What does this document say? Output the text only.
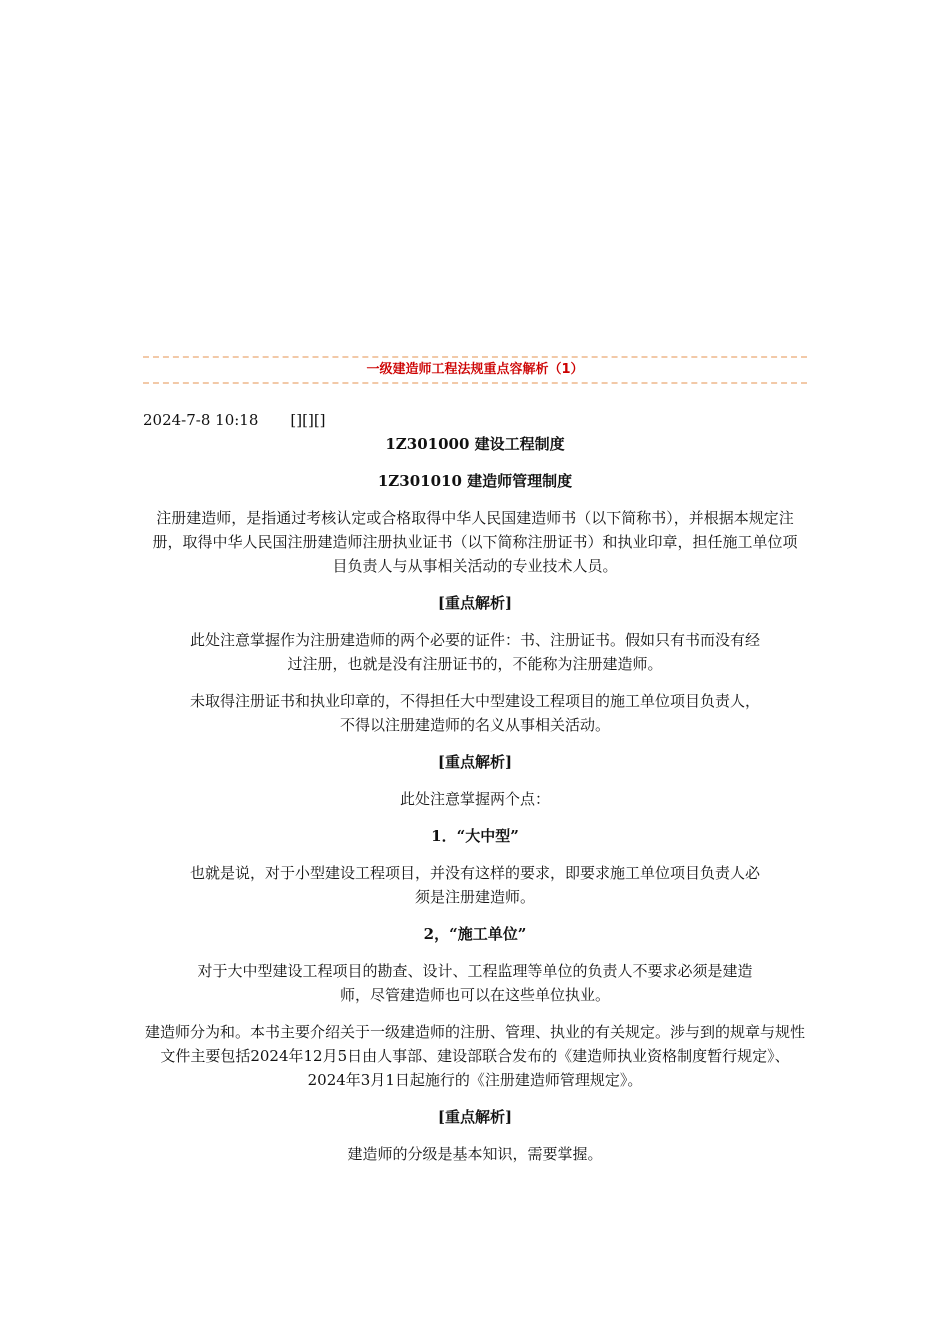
一级建造师工程法规重点容解析（1）

2024-7-8 10:18 [][][]

1Z301000 建设工程制度

1Z301010 建造师管理制度

注册建造师，是指通过考核认定或合格取得中华人民国建造师书（以下简称书），并根据本规定注册，取得中华人民国注册建造师注册执业证书（以下简称注册证书）和执业印章，担任施工单位项目负责人与从事相关活动的专业技术人员。

[重点解析]

此处注意掌握作为注册建造师的两个必要的证件：书、注册证书。假如只有书而没有经过注册，也就是没有注册证书的，不能称为注册建造师。

未取得注册证书和执业印章的，不得担任大中型建设工程项目的施工单位项目负责人，不得以注册建造师的名义从事相关活动。

[重点解析]

此处注意掌握两个点：

1．“大中型”

也就是说，对于小型建设工程项目，并没有这样的要求，即要求施工单位项目负责人必须是注册建造师。

2，“施工单位”

对于大中型建设工程项目的勘查、设计、工程监理等单位的负责人不要求必须是建造师，尽管建造师也可以在这些单位执业。

建造师分为和。本书主要介绍关于一级建造师的注册、管理、执业的有关规定。涉与到的规章与规性文件主要包括2024年12月5日由人事部、建设部联合发布的《建造师执业资格制度暂行规定》、2024年3月1日起施行的《注册建造师管理规定》。

[重点解析]

建造师的分级是基本知识，需要掌握。
